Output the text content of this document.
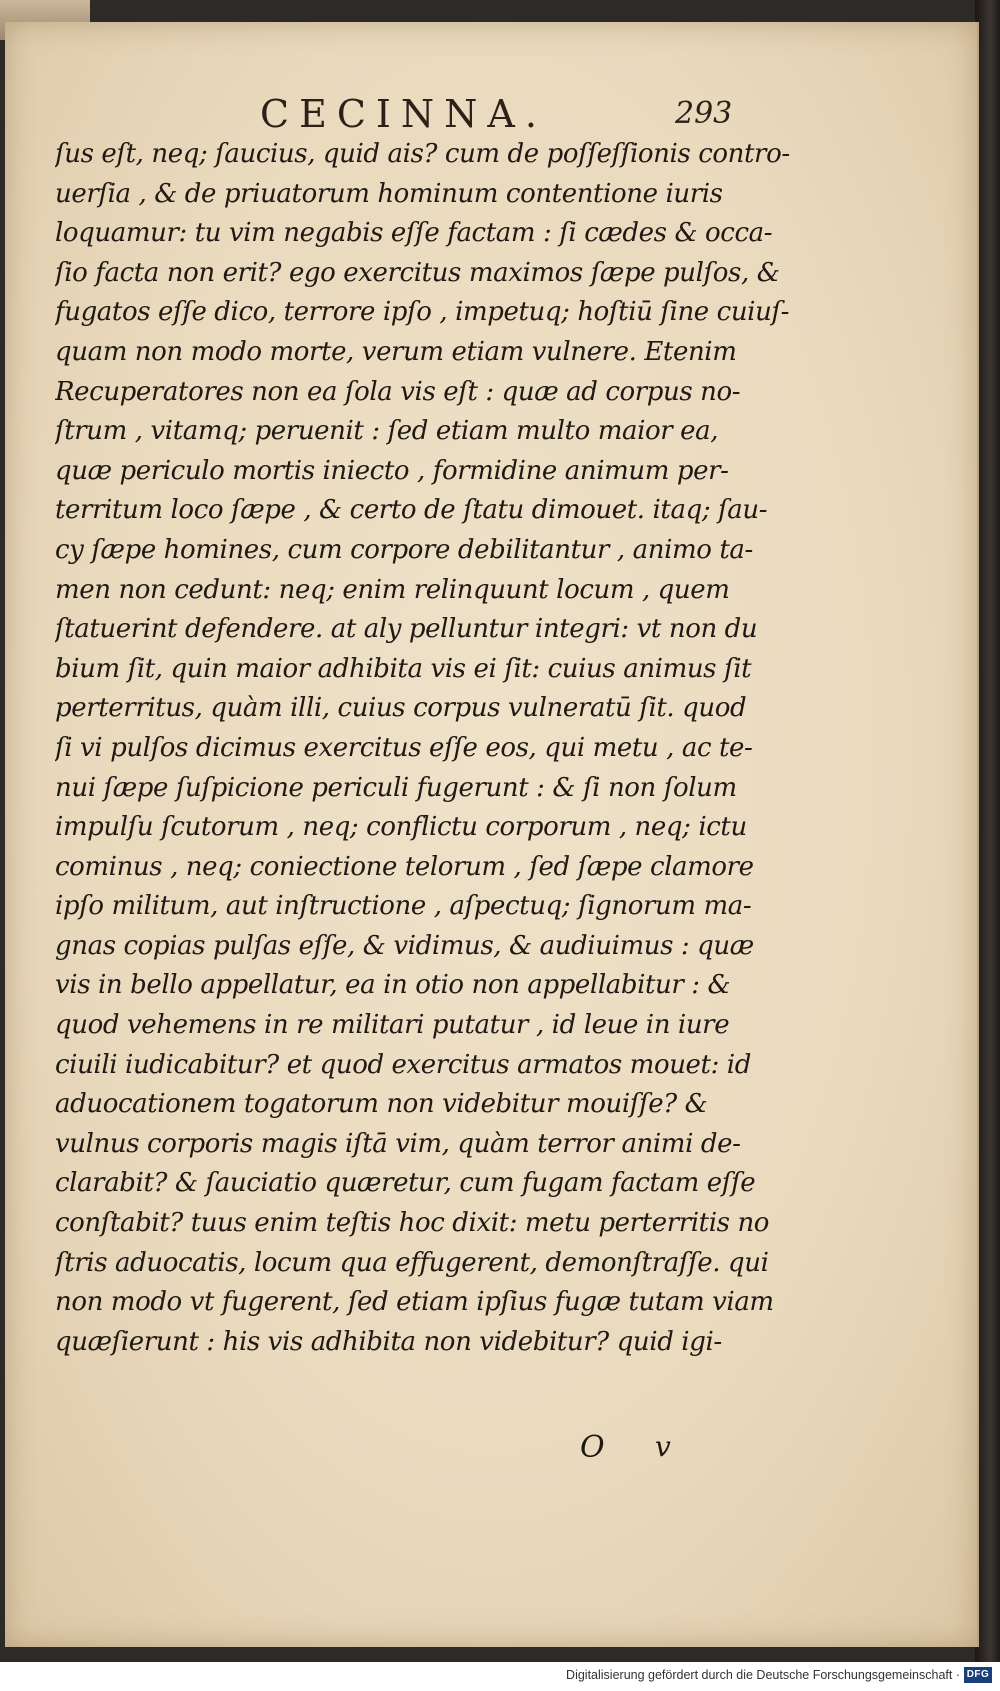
CECINNA.	293
ſus eſt, neq; ſaucius, quid ais? cum de poſſeſſionis contro-
uerſia , & de priuatorum hominum contentione iuris
loquamur: tu vim negabis eſſe factam : ſi cædes & occa-
ſio facta non erit? ego exercitus maximos ſæpe pulſos, &
fugatos eſſe dico, terrore ipſo , impetuq; hoſtiū ſine cuiuſ-
quam non modo morte, verum etiam vulnere. Etenim
Recuperatores non ea ſola vis eſt : quæ ad corpus no-
ſtrum , vitamq; peruenit : ſed etiam multo maior ea,
quæ periculo mortis iniecto , formidine animum per-
territum loco ſæpe , & certo de ſtatu dimouet. itaq; ſau-
cy ſæpe homines, cum corpore debilitantur , animo ta-
men non cedunt: neq; enim relinquunt locum , quem
ſtatuerint defendere. at aly pelluntur integri: vt non du
bium ſit, quin maior adhibita vis ei ſit: cuius animus ſit
perterritus, quàm illi, cuius corpus vulneratū ſit. quod
ſi vi pulſos dicimus exercitus eſſe eos, qui metu , ac te-
nui ſæpe ſuſpicione periculi fugerunt : & ſi non ſolum
impulſu ſcutorum , neq; conflictu corporum , neq; ictu
cominus , neq; coniectione telorum , ſed ſæpe clamore
ipſo militum, aut inſtructione , aſpectuq; ſignorum ma-
gnas copias pulſas eſſe, & vidimus, & audiuimus : quæ
vis in bello appellatur, ea in otio non appellabitur : &
quod vehemens in re militari putatur , id leue in iure
ciuili iudicabitur? et quod exercitus armatos mouet: id
aduocationem togatorum non videbitur mouiſſe? &
vulnus corporis magis iſtā vim, quàm terror animi de-
clarabit? & ſauciatio quæretur, cum fugam factam eſſe
conſtabit? tuus enim teſtis hoc dixit: metu perterritis no
ſtris aduocatis, locum qua effugerent, demonſtraſſe. qui
non modo vt fugerent, ſed etiam ipſius fugæ tutam viam
quæſierunt : his vis adhibita non videbitur? quid igi-
O v
Digitalisierung gefördert durch die Deutsche Forschungsgemeinschaft · DFG
